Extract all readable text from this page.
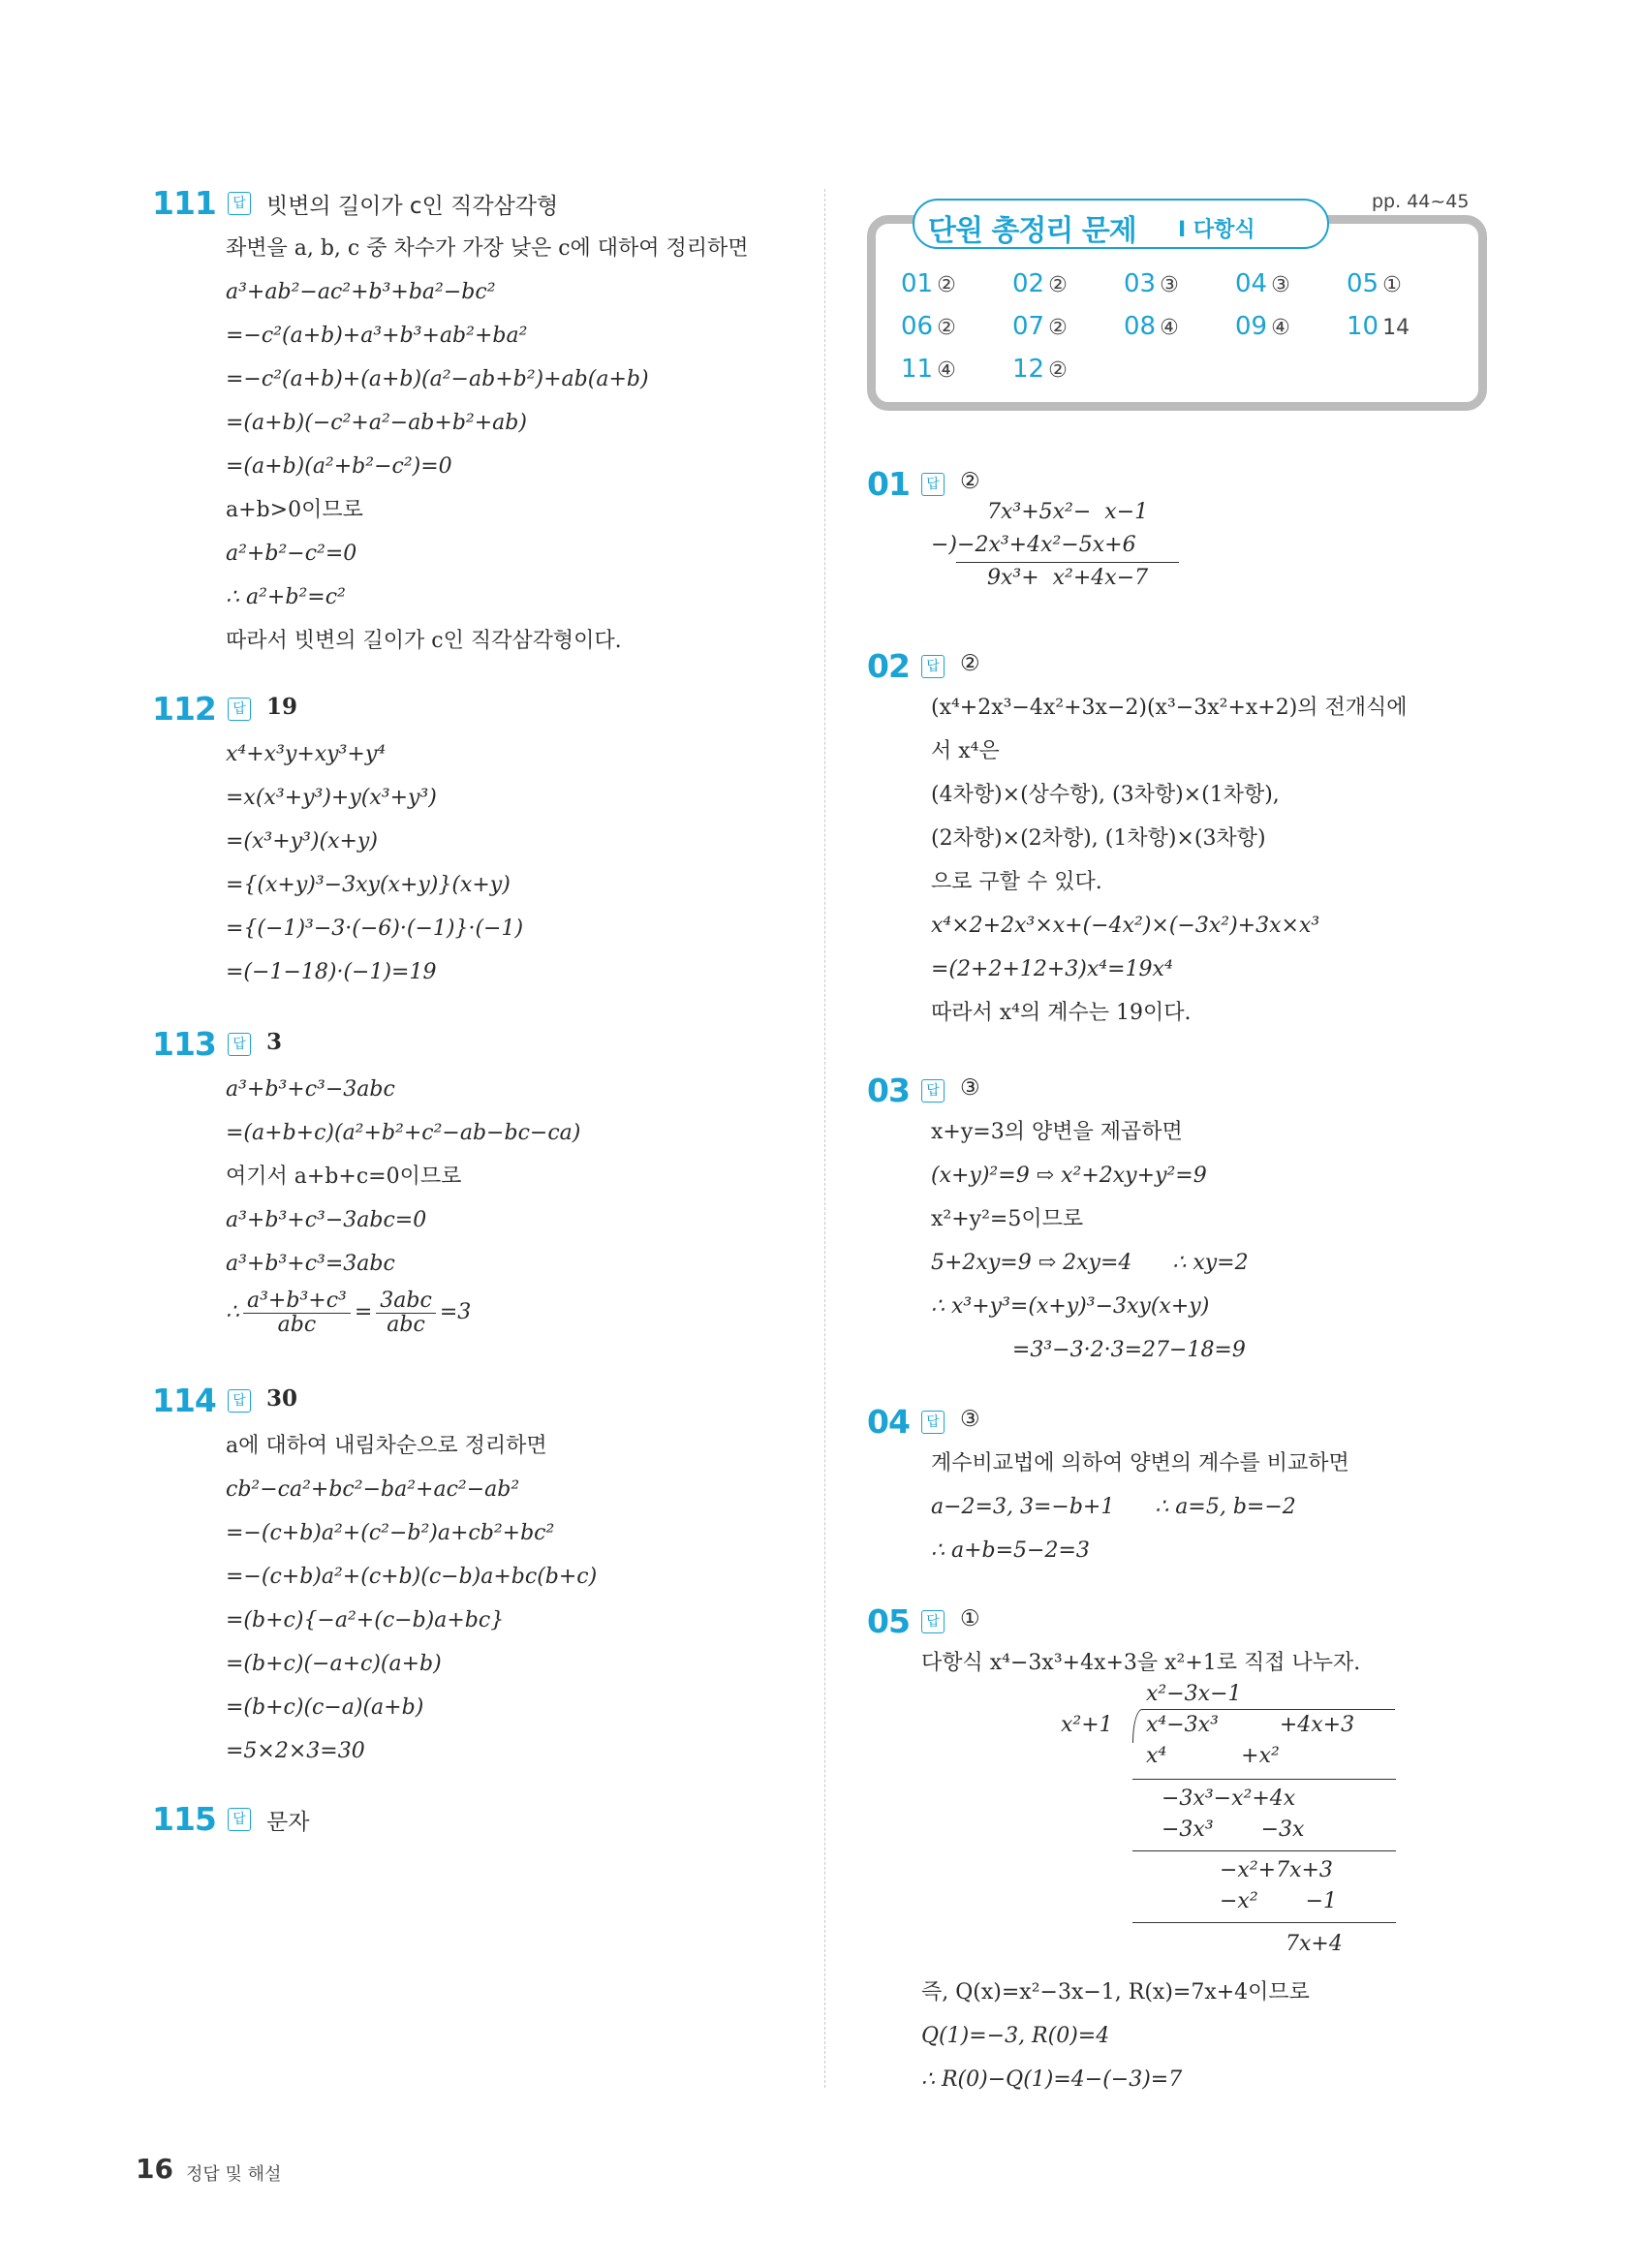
111	답 빗변의 길이가 c인 직각삼각형
좌변을 a, b, c 중 차수가 가장 낮은 c에 대하여 정리하면
a³+ab²−ac²+b³+ba²−bc²
=−c²(a+b)+a³+b³+ab²+ba²
=−c²(a+b)+(a+b)(a²−ab+b²)+ab(a+b)
=(a+b)(−c²+a²−ab+b²+ab)
=(a+b)(a²+b²−c²)=0
a+b>0이므로
a²+b²−c²=0
∴ a²+b²=c²
따라서 빗변의 길이가 c인 직각삼각형이다.
112	답 19
x⁴+x³y+xy³+y⁴
=x(x³+y³)+y(x³+y³)
=(x³+y³)(x+y)
={(x+y)³−3xy(x+y)}(x+y)
={(−1)³−3·(−6)·(−1)}·(−1)
=(−1−18)·(−1)=19
113	답 3
a³+b³+c³−3abc
=(a+b+c)(a²+b²+c²−ab−bc−ca)
여기서 a+b+c=0이므로
a³+b³+c³−3abc=0
a³+b³+c³=3abc
∴ $\frac{\text{a³+b³+c³}}{\text{abc}} = \frac{\text{3abc}}{\text{abc}} =3$
114	답 30
a에 대하여 내림차순으로 정리하면
cb²−ca²+bc²−ba²+ac²−ab²
=−(c+b)a²+(c²−b²)a+cb²+bc²
=−(c+b)a²+(c+b)(c−b)a+bc(b+c)
=(b+c){−a²+(c−b)a+bc}
=(b+c)(−a+c)(a+b)
=(b+c)(c−a)(a+b)
=5×2×3=30
115	답 문자
pp. 44~45
단원 총정리 문제 Ⅰ 다항식
01 ② 02 ② 03 ③ 04 ③ 05 ①
06 ② 07 ② 08 ④ 09 ④ 10 14
11 ④ 12 ②
01	답 ②
7x³+5x²−  x−1
−)−2x³+4x²−5x+6
9x³+  x²+4x−7
02	답 ②
(x⁴+2x³−4x²+3x−2)(x³−3x²+x+2)의 전개식에
서 x⁴은
(4차항)×(상수항), (3차항)×(1차항),
(2차항)×(2차항), (1차항)×(3차항)
으로 구할 수 있다.
x⁴×2+2x³×x+(−4x²)×(−3x²)+3x×x³
=(2+2+12+3)x⁴=19x⁴
따라서 x⁴의 계수는 19이다.
03	답 ③
x+y=3의 양변을 제곱하면
(x+y)²=9 ⇨ x²+2xy+y²=9
x²+y²=5이므로
5+2xy=9 ⇨ 2xy=4      ∴ xy=2
∴ x³+y³=(x+y)³−3xy(x+y)
=3³−3·2·3=27−18=9
04	답 ③
계수비교법에 의하여 양변의 계수를 비교하면
a−2=3, 3=−b+1      ∴ a=5, b=−2
∴ a+b=5−2=3
05	답 ①
다항식 x⁴−3x³+4x+3을 x²+1로 직접 나누자.
x²+1
x²−3x−1
x⁴−3x³         +4x+3
x⁴           +x²
−3x³−x²+4x
−3x³       −3x
−x²+7x+3
−x²       −1
7x+4
즉, Q(x)=x²−3x−1, R(x)=7x+4이므로
Q(1)=−3, R(0)=4
∴ R(0)−Q(1)=4−(−3)=7
16 정답 및 해설
